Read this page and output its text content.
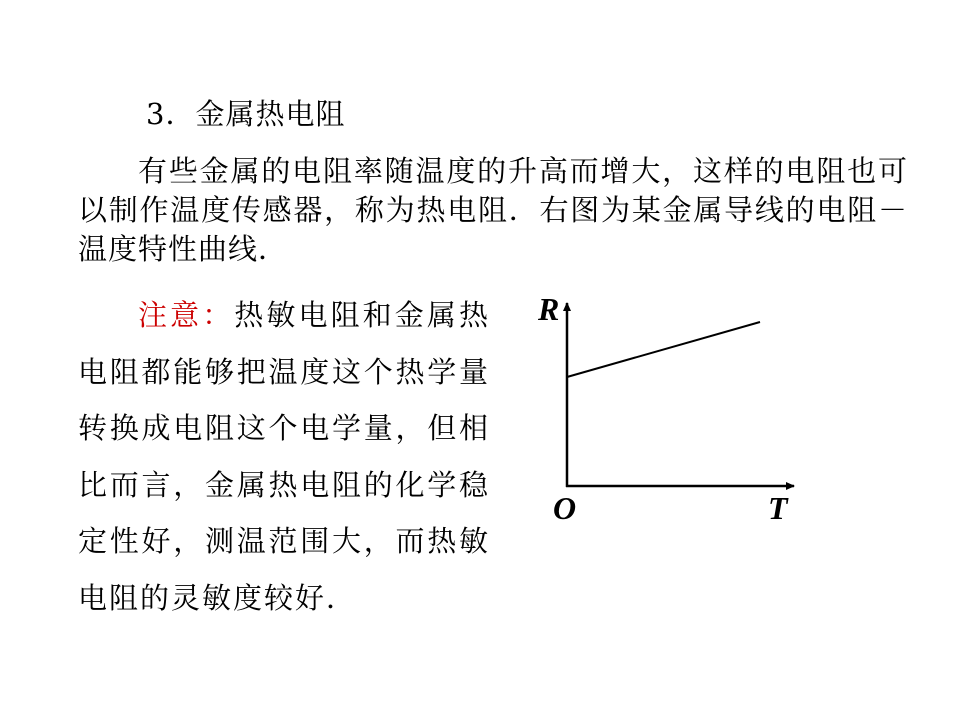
3．金属热电阻
有些金属的电阻率随温度的升高而增大，这样的电阻也可以制作温度传感器，称为热电阻．右图为某金属导线的电阻－温度特性曲线．
注意：热敏电阻和金属热电阻都能够把温度这个热学量转换成电阻这个电学量，但相比而言，金属热电阻的化学稳定性好，测温范围大，而热敏电阻的灵敏度较好．
R
O	T
